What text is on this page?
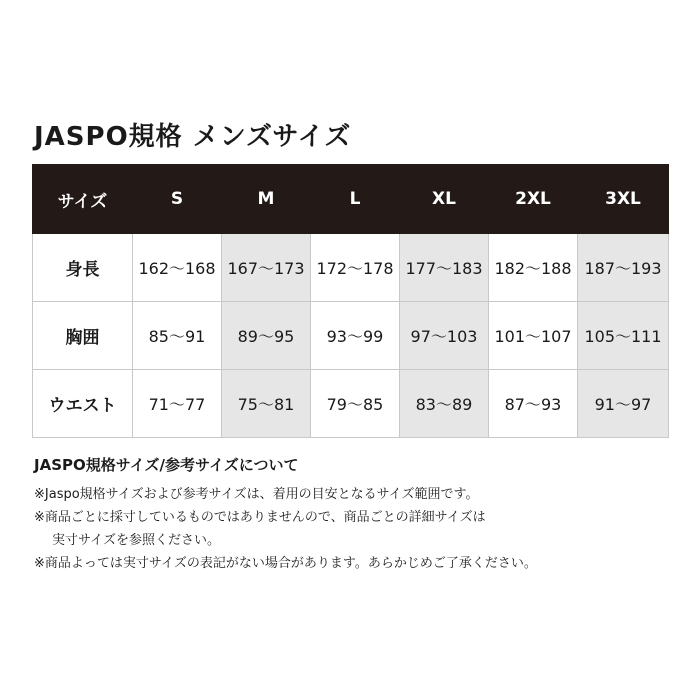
JASPO規格 メンズサイズ
サイズ	S	M	L	XL	2XL	3XL
身長	162〜168	167〜173	172〜178	177〜183	182〜188	187〜193
胸囲	85〜91	89〜95	93〜99	97〜103	101〜107	105〜111
ウエスト	71〜77	75〜81	79〜85	83〜89	87〜93	91〜97
JASPO規格サイズ/参考サイズについて
※Jaspo規格サイズおよび参考サイズは、着用の目安となるサイズ範囲です。
※商品ごとに採寸しているものではありませんので、商品ごとの詳細サイズは
実寸サイズを参照ください。
※商品よっては実寸サイズの表記がない場合があります。あらかじめご了承ください。
